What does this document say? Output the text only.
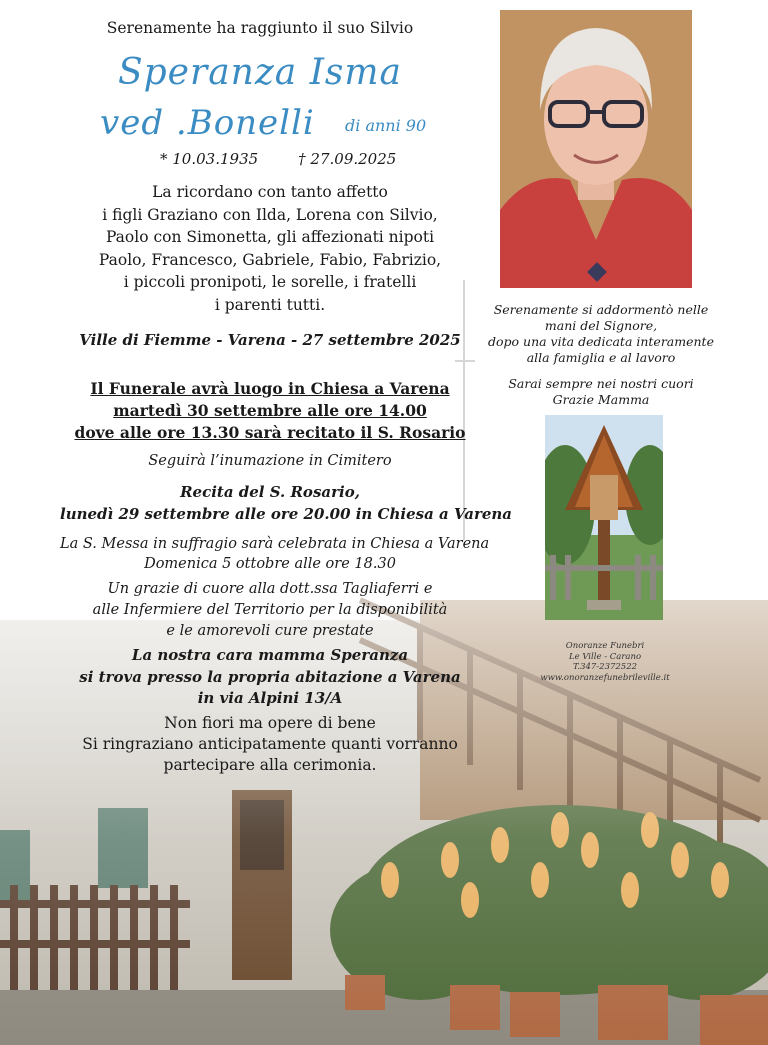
Serenamente ha raggiunto il suo Silvio
Speranza Isma
ved .Bonelli di anni 90
* 10.03.1935	† 27.09.2025
La ricordano con tanto affetto
i figli Graziano con Ilda, Lorena con Silvio,
Paolo con Simonetta, gli affezionati nipoti
Paolo, Francesco, Gabriele, Fabio, Fabrizio,
i piccoli pronipoti, le sorelle, i fratelli
i parenti tutti.
Ville di Fiemme - Varena - 27 settembre 2025
Il Funerale avrà luogo in Chiesa a Varena
martedì 30 settembre alle ore 14.00
dove alle ore 13.30 sarà recitato il S. Rosario
Seguirà l’inumazione in Cimitero
Recita del S. Rosario,
lunedì 29 settembre alle ore 20.00 in Chiesa a Varena
La S. Messa in suffragio sarà celebrata in Chiesa a Varena
Domenica 5 ottobre alle ore 18.30
Un grazie di cuore alla dott.ssa Tagliaferri e
alle Infermiere del Territorio per la disponibilità
e le amorevoli cure prestate
La nostra cara mamma Speranza
si trova presso la propria abitazione a Varena
in via Alpini 13/A
Non fiori ma opere di bene
Si ringraziano anticipatamente quanti vorranno
partecipare alla cerimonia.
Serenamente si addormentò nelle
mani del Signore,
dopo una vita dedicata interamente
alla famiglia e al lavoro
Sarai sempre nei nostri cuori
Grazie Mamma
Onoranze Funebri
Le Ville - Carano
T.347-2372522
www.onoranzefunebrileville.it
